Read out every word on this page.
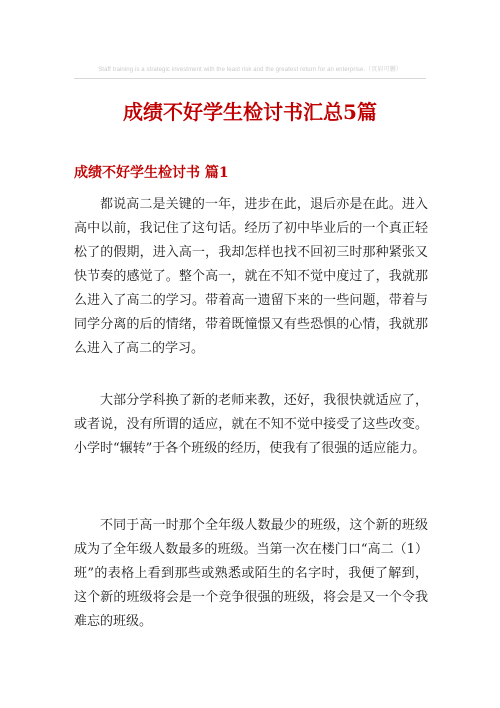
Staff training is a strategic investment with the least risk and the greatest return for an enterprise.（页眉可删）
成绩不好学生检讨书汇总5篇
成绩不好学生检讨书 篇1
都说高二是关键的一年，进步在此，退后亦是在此。进入
高中以前，我记住了这句话。经历了初中毕业后的一个真正轻
松了的假期，进入高一，我却怎样也找不回初三时那种紧张又
快节奏的感觉了。整个高一，就在不知不觉中度过了，我就那
么进入了高二的学习。带着高一遗留下来的一些问题，带着与
同学分离的后的情绪，带着既憧憬又有些恐惧的心情，我就那
么进入了高二的学习。
大部分学科换了新的老师来教，还好，我很快就适应了，
或者说，没有所谓的适应，就在不知不觉中接受了这些改变。
小学时“辗转”于各个班级的经历，使我有了很强的适应能力。
不同于高一时那个全年级人数最少的班级，这个新的班级
成为了全年级人数最多的班级。当第一次在楼门口“高二（1）
班”的表格上看到那些或熟悉或陌生的名字时，我便了解到，
这个新的班级将会是一个竞争很强的班级，将会是又一个令我
难忘的班级。
